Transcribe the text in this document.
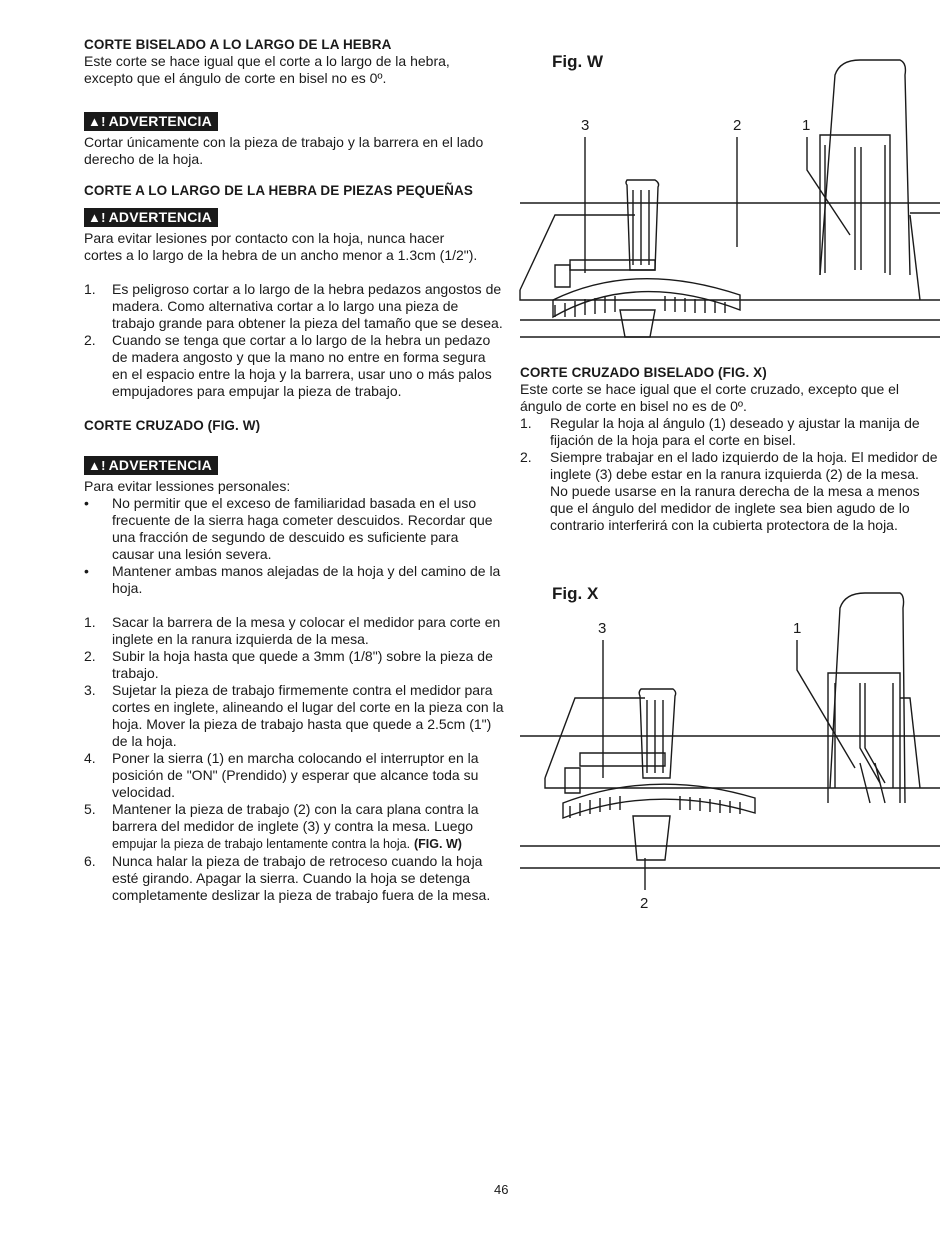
CORTE BISELADO A LO LARGO DE LA HEBRA

Este corte se hace igual que el corte a lo largo de la hebra, excepto que el ángulo de corte en bisel no es 0º.

▲! ADVERTENCIA

Cortar únicamente con la pieza de trabajo y la barrera en el lado derecho de la hoja.

CORTE A LO LARGO DE LA HEBRA DE PIEZAS PEQUEÑAS
▲! ADVERTENCIA

Para evitar lesiones por contacto con la hoja, nunca hacer cortes a lo largo de la hebra de un ancho menor a 1.3cm (1/2").

1. Es peligroso cortar a lo largo de la hebra pedazos angostos de madera. Como alternativa cortar a lo largo una pieza de trabajo grande para obtener la pieza del tamaño que se desea.
2. Cuando se tenga que cortar a lo largo de la hebra un pedazo de madera angosto y que la mano no entre en forma segura en el espacio entre la hoja y la barrera, usar uno o más palos empujadores para empujar la pieza de trabajo.
CORTE CRUZADO (FIG. W)
▲! ADVERTENCIA

Para evitar lessiones personales:

• No permitir que el exceso de familiaridad basada en el uso frecuente de la sierra haga cometer descuidos. Recordar que una fracción de segundo de descuido es suficiente para causar una lesión severa.
• Mantener ambas manos alejadas de la hoja y del camino de la hoja.
1. Sacar la barrera de la mesa y colocar el medidor para corte en inglete en la ranura izquierda de la mesa.
2. Subir la hoja hasta que quede a 3mm (1/8") sobre la pieza de trabajo.
3. Sujetar la pieza de trabajo firmemente contra el medidor para cortes en inglete, alineando el lugar del corte en la pieza con la hoja. Mover la pieza de trabajo hasta que quede a 2.5cm (1") de la hoja.
4. Poner la sierra (1) en marcha colocando el interruptor en la posición de "ON" (Prendido) y esperar que alcance toda su velocidad.
5. Mantener la pieza de trabajo (2) con la cara plana contra la barrera del medidor de inglete (3) y contra la mesa. Luego
empujar la pieza de trabajo lentamente contra la hoja. (FIG. W)
6. Nunca halar la pieza de trabajo de retroceso cuando la hoja esté girando. Apagar la sierra. Cuando la hoja se detenga completamente deslizar la pieza de trabajo fuera de la mesa.
Fig. W
3	2	1
CORTE CRUZADO BISELADO (FIG. X)

Este corte se hace igual que el corte cruzado, excepto que el ángulo de corte en bisel no es de 0º.

1. Regular la hoja al ángulo (1) deseado y ajustar la manija de fijación de la hoja para el corte en bisel.
2. Siempre trabajar en el lado izquierdo de la hoja. El medidor de inglete (3) debe estar en la ranura izquierda (2) de la mesa. No puede usarse en la ranura derecha de la mesa a menos que el ángulo del medidor de inglete sea bien agudo de lo contrario interferirá con la cubierta protectora de la hoja.
Fig. X
3	1
2
46
